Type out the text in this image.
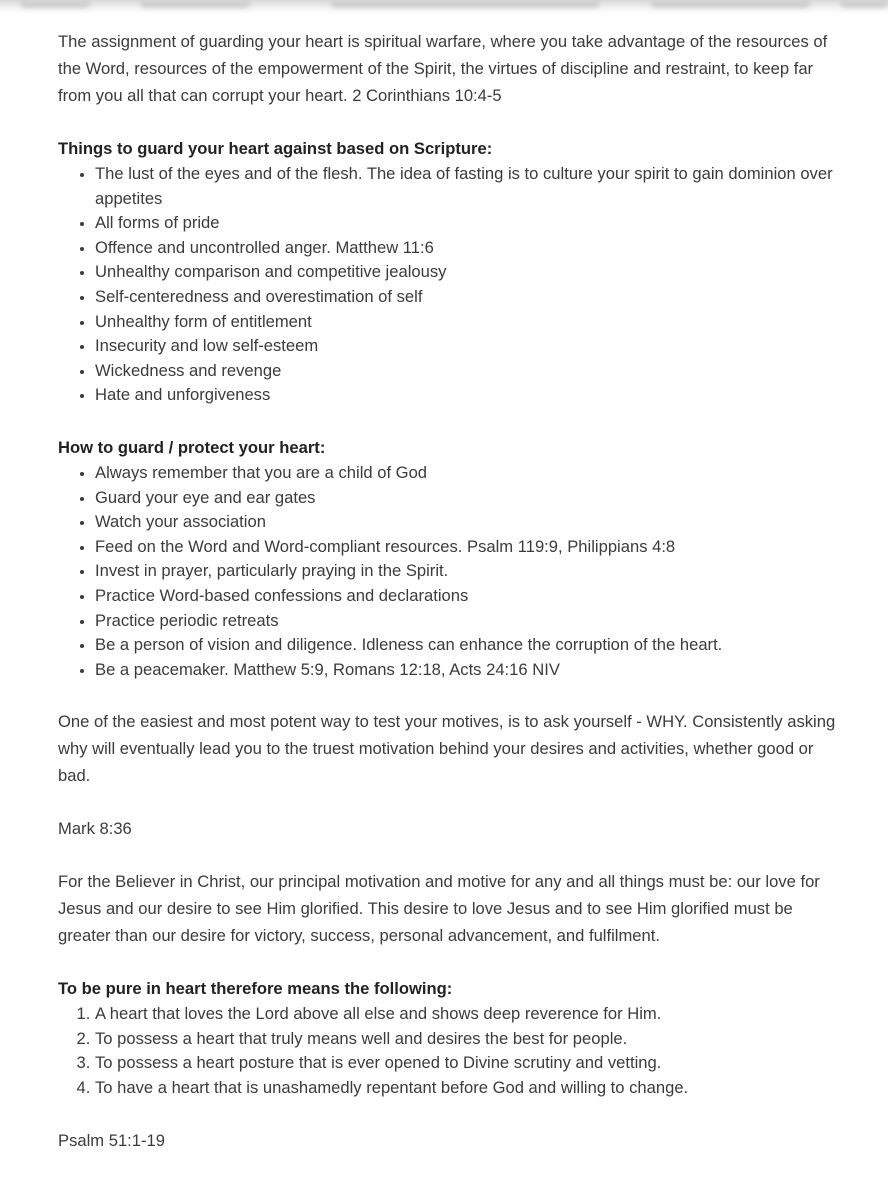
The assignment of guarding your heart is spiritual warfare, where you take advantage of the resources of the Word, resources of the empowerment of the Spirit, the virtues of discipline and restraint, to keep far from you all that can corrupt your heart. 2 Corinthians 10:4-5

Things to guard your heart against based on Scripture:

• The lust of the eyes and of the flesh. The idea of fasting is to culture your spirit to gain dominion over appetites
• All forms of pride
• Offence and uncontrolled anger. Matthew 11:6
• Unhealthy comparison and competitive jealousy
• Self-centeredness and overestimation of self
• Unhealthy form of entitlement
• Insecurity and low self-esteem
• Wickedness and revenge
• Hate and unforgiveness

How to guard / protect your heart:

• Always remember that you are a child of God
• Guard your eye and ear gates
• Watch your association
• Feed on the Word and Word-compliant resources. Psalm 119:9, Philippians 4:8
• Invest in prayer, particularly praying in the Spirit.
• Practice Word-based confessions and declarations
• Practice periodic retreats
• Be a person of vision and diligence. Idleness can enhance the corruption of the heart.
• Be a peacemaker. Matthew 5:9, Romans 12:18, Acts 24:16 NIV

One of the easiest and most potent way to test your motives, is to ask yourself - WHY. Consistently asking why will eventually lead you to the truest motivation behind your desires and activities, whether good or bad.

Mark 8:36

For the Believer in Christ, our principal motivation and motive for any and all things must be: our love for Jesus and our desire to see Him glorified. This desire to love Jesus and to see Him glorified must be greater than our desire for victory, success, personal advancement, and fulfilment.

To be pure in heart therefore means the following:

1. A heart that loves the Lord above all else and shows deep reverence for Him.
2. To possess a heart that truly means well and desires the best for people.
3. To possess a heart posture that is ever opened to Divine scrutiny and vetting.
4. To have a heart that is unashamedly repentant before God and willing to change.

Psalm 51:1-19
